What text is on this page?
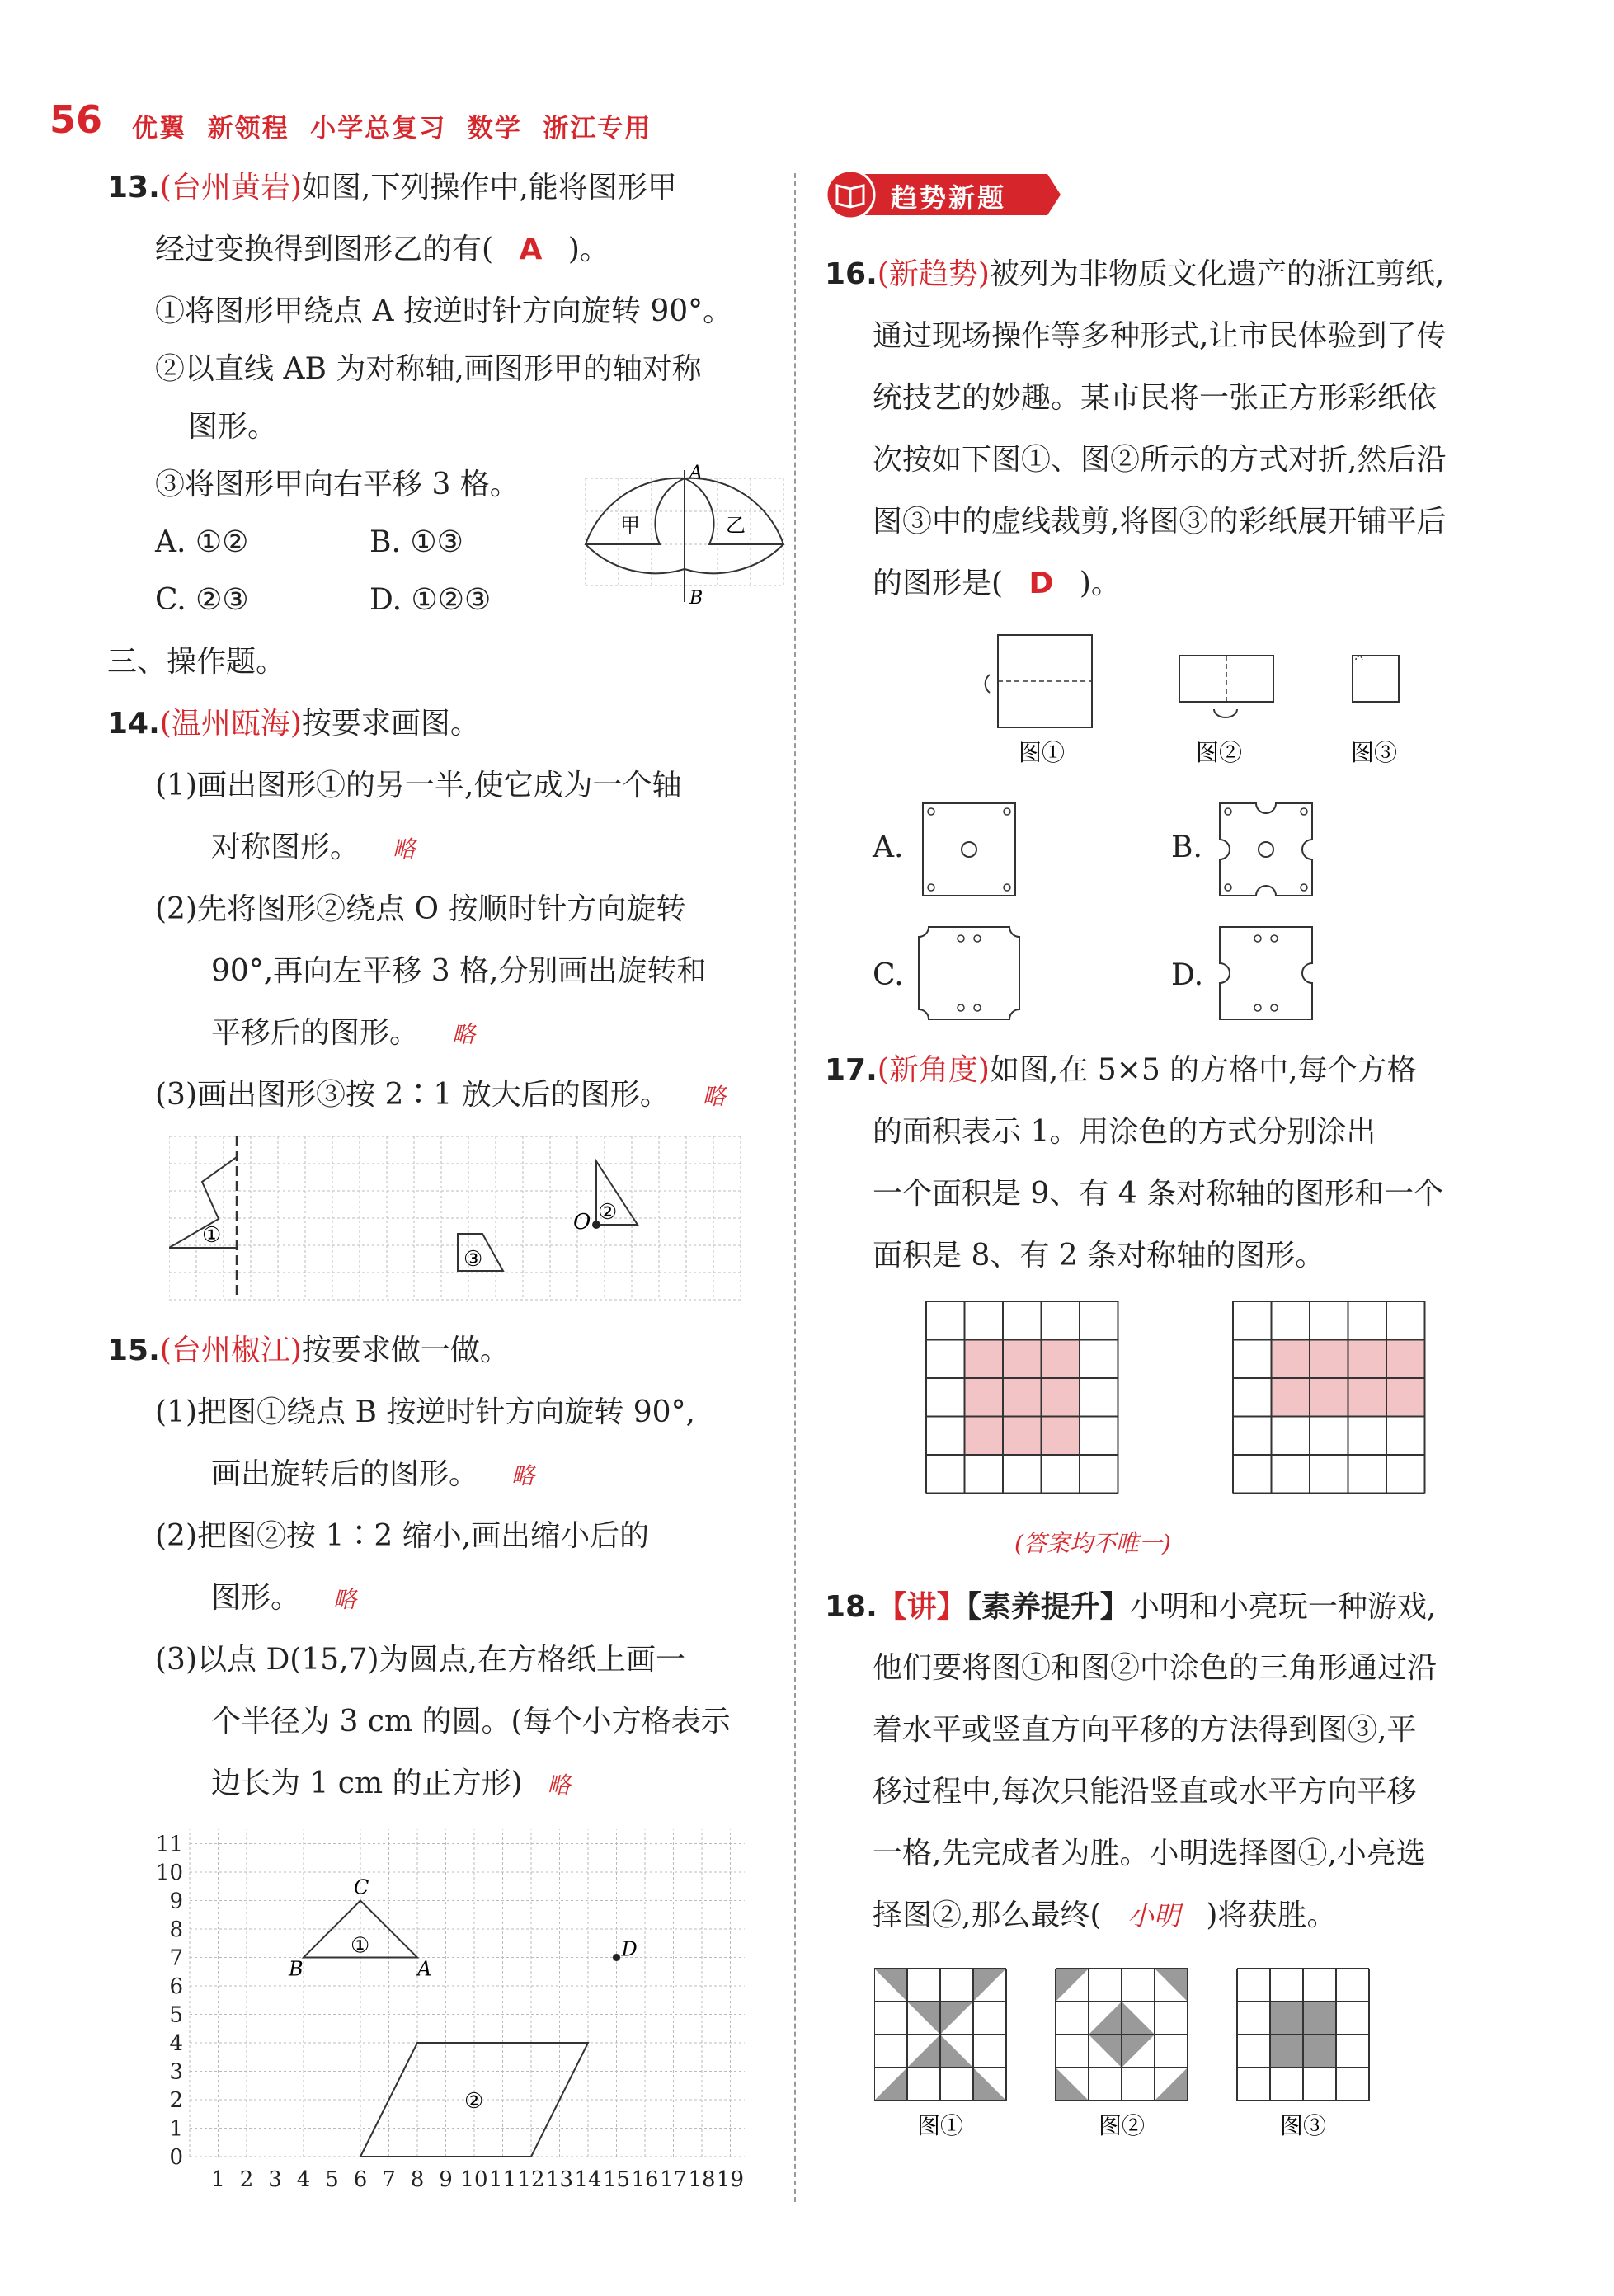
56 优翼  新领程  小学总复习  数学  浙江专用
13.(台州黄岩)如图,下列操作中,能将图形甲
经过变换得到图形乙的有( A )。
①将图形甲绕点 A 按逆时针方向旋转 90°。
②以直线 AB 为对称轴,画图形甲的轴对称
图形。
③将图形甲向右平移 3 格。
A. ①②	B. ①③
C. ②③	D. ①②③
A
B
甲	乙
三、操作题。
14.(温州瓯海)按要求画图。
(1)画出图形①的另一半,使它成为一个轴
对称图形。 略
(2)先将图形②绕点 O 按顺时针方向旋转
90°,再向左平移 3 格,分别画出旋转和
平移后的图形。 略
(3)画出图形③按 2∶1 放大后的图形。 略
①
O ②
③
15.(台州椒江)按要求做一做。
(1)把图①绕点 B 按逆时针方向旋转 90°,
画出旋转后的图形。 略
(2)把图②按 1∶2 缩小,画出缩小后的
图形。 略
(3)以点 D(15,7)为圆点,在方格纸上画一
个半径为 3 cm 的圆。(每个小方格表示
边长为 1 cm 的正方形) 略
1 2 3 4 5 6 7 8 9 10 11 12 13 14 15 16 17 18 19
0
1
2
3
4
5
6
7
8
9
10
11
A
B
C
D
①
②
趋势新题
16.(新趋势)被列为非物质文化遗产的浙江剪纸,
通过现场操作等多种形式,让市民体验到了传
统技艺的妙趣。某市民将一张正方形彩纸依
次按如下图①、图②所示的方式对折,然后沿
图③中的虚线裁剪,将图③的彩纸展开铺平后
的图形是( D )。
图①	图②	图③
A.	B.
C.	D.
17.(新角度)如图,在 5×5 的方格中,每个方格
的面积表示 1。用涂色的方式分别涂出
一个面积是 9、有 4 条对称轴的图形和一个
面积是 8、有 2 条对称轴的图形。
(答案均不唯一)
18.【讲】【素养提升】小明和小亮玩一种游戏,
他们要将图①和图②中涂色的三角形通过沿
着水平或竖直方向平移的方法得到图③,平
移过程中,每次只能沿竖直或水平方向平移
一格,先完成者为胜。小明选择图①,小亮选
择图②,那么最终( 小明 )将获胜。
图①	图②	图③
